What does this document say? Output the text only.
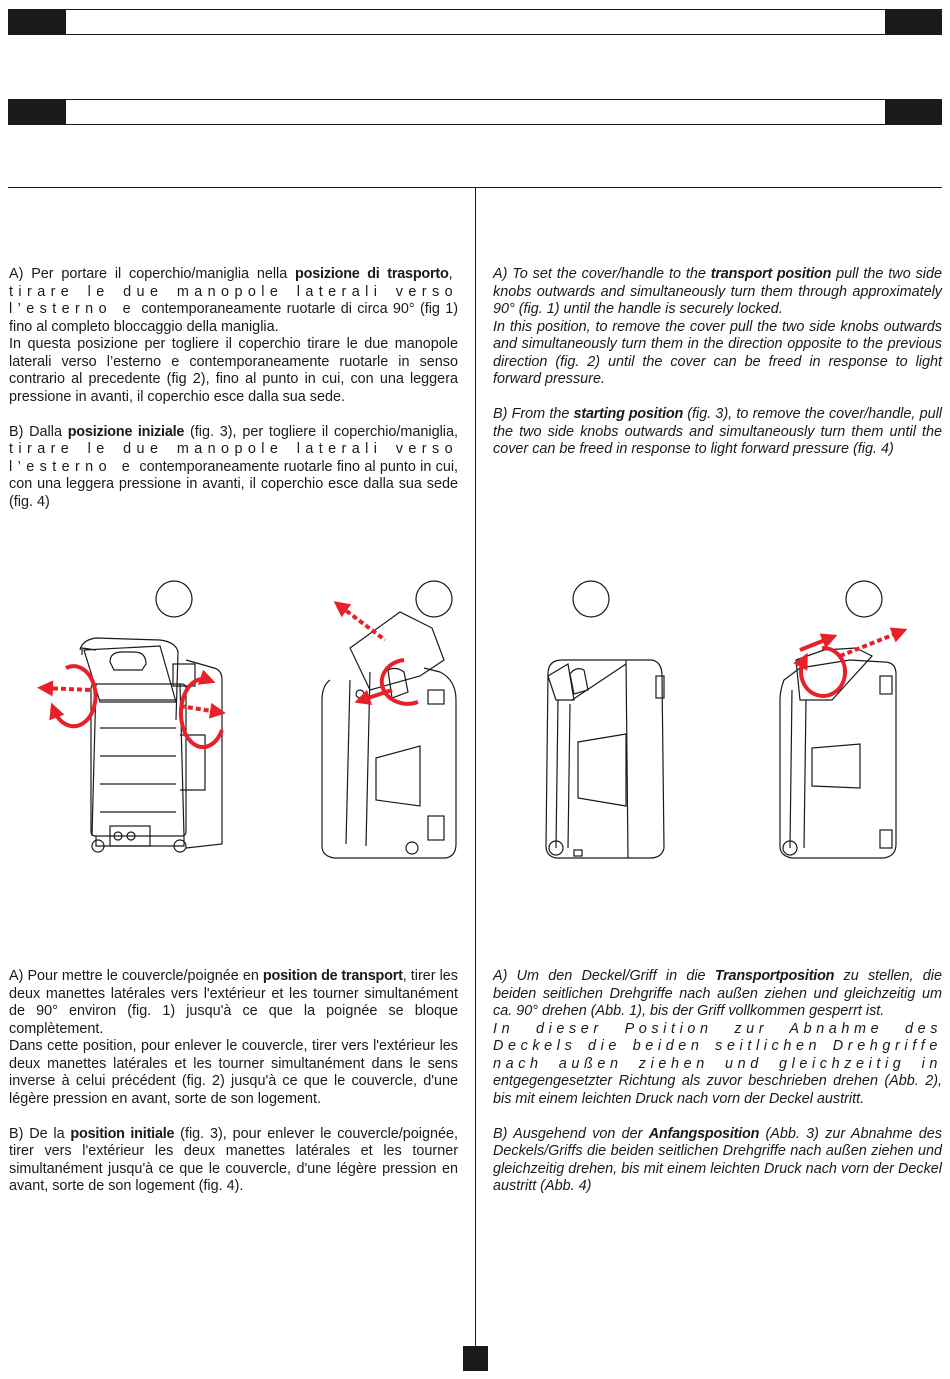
A) Per portare il coperchio/maniglia nella posizione di trasporto, tirare le due manopole laterali verso l’esterno e contemporaneamente ruotarle di circa 90° (fig 1) fino al completo bloccaggio della maniglia.

In questa posizione per togliere il coperchio tirare le due manopole laterali verso l’esterno e contemporaneamente ruotarle in senso contrario al precedente (fig 2), fino al punto in cui, con una leggera pressione in avanti, il coperchio esce dalla sua sede.

B) Dalla posizione iniziale (fig. 3), per togliere il coperchio/maniglia, tirare le due manopole laterali verso l’esterno e contemporaneamente ruotarle fino al punto in cui, con una leggera pressione in avanti, il coperchio esce dalla sua sede (fig. 4)

A) To set the cover/handle to the transport position pull the two side knobs outwards and simultaneously turn them through approximately 90° (fig. 1) until the handle is securely locked.

In this position, to remove the cover pull the two side knobs outwards and simultaneously turn them in the direction opposite to the previous direction (fig. 2) until the cover can be freed in response to light forward pressure.

B) From the starting position (fig. 3), to remove the cover/handle, pull the two side knobs outwards and simultaneously turn them until the cover can be freed in response to light forward pressure (fig. 4)

A) Pour mettre le couvercle/poignée en position de transport, tirer les deux manettes latérales vers l'extérieur et les tourner simultanément de 90° environ (fig. 1) jusqu'à ce que la poignée se bloque complètement.

Dans cette position, pour enlever le couvercle, tirer vers l'extérieur les deux manettes latérales et les tourner simultanément dans le sens inverse à celui précédent (fig. 2) jusqu'à ce que le couvercle, d'une légère pression en avant, sorte de son logement.

B) De la position initiale (fig. 3), pour enlever le couvercle/poignée, tirer vers l'extérieur les deux manettes latérales et les tourner simultanément jusqu'à ce que le couvercle, d'une légère pression en avant, sorte de son logement (fig. 4).

A) Um den Deckel/Griff in die Transportposition zu stellen, die beiden seitlichen Drehgriffe nach außen ziehen und gleichzeitig um ca. 90° drehen (Abb. 1), bis der Griff vollkommen gesperrt ist.

In dieser Position zur Abnahme des Deckels die beiden seitlichen Drehgriffe nach außen ziehen und gleichzeitig in entgegengesetzter Richtung als zuvor beschrieben drehen (Abb. 2), bis mit einem leichten Druck nach vorn der Deckel austritt.

B) Ausgehend von der Anfangsposition (Abb. 3) zur Abnahme des Deckels/Griffs die beiden seitlichen Drehgriffe nach außen ziehen und gleichzeitig drehen, bis mit einem leichten Druck nach vorn der Deckel austritt (Abb. 4)
